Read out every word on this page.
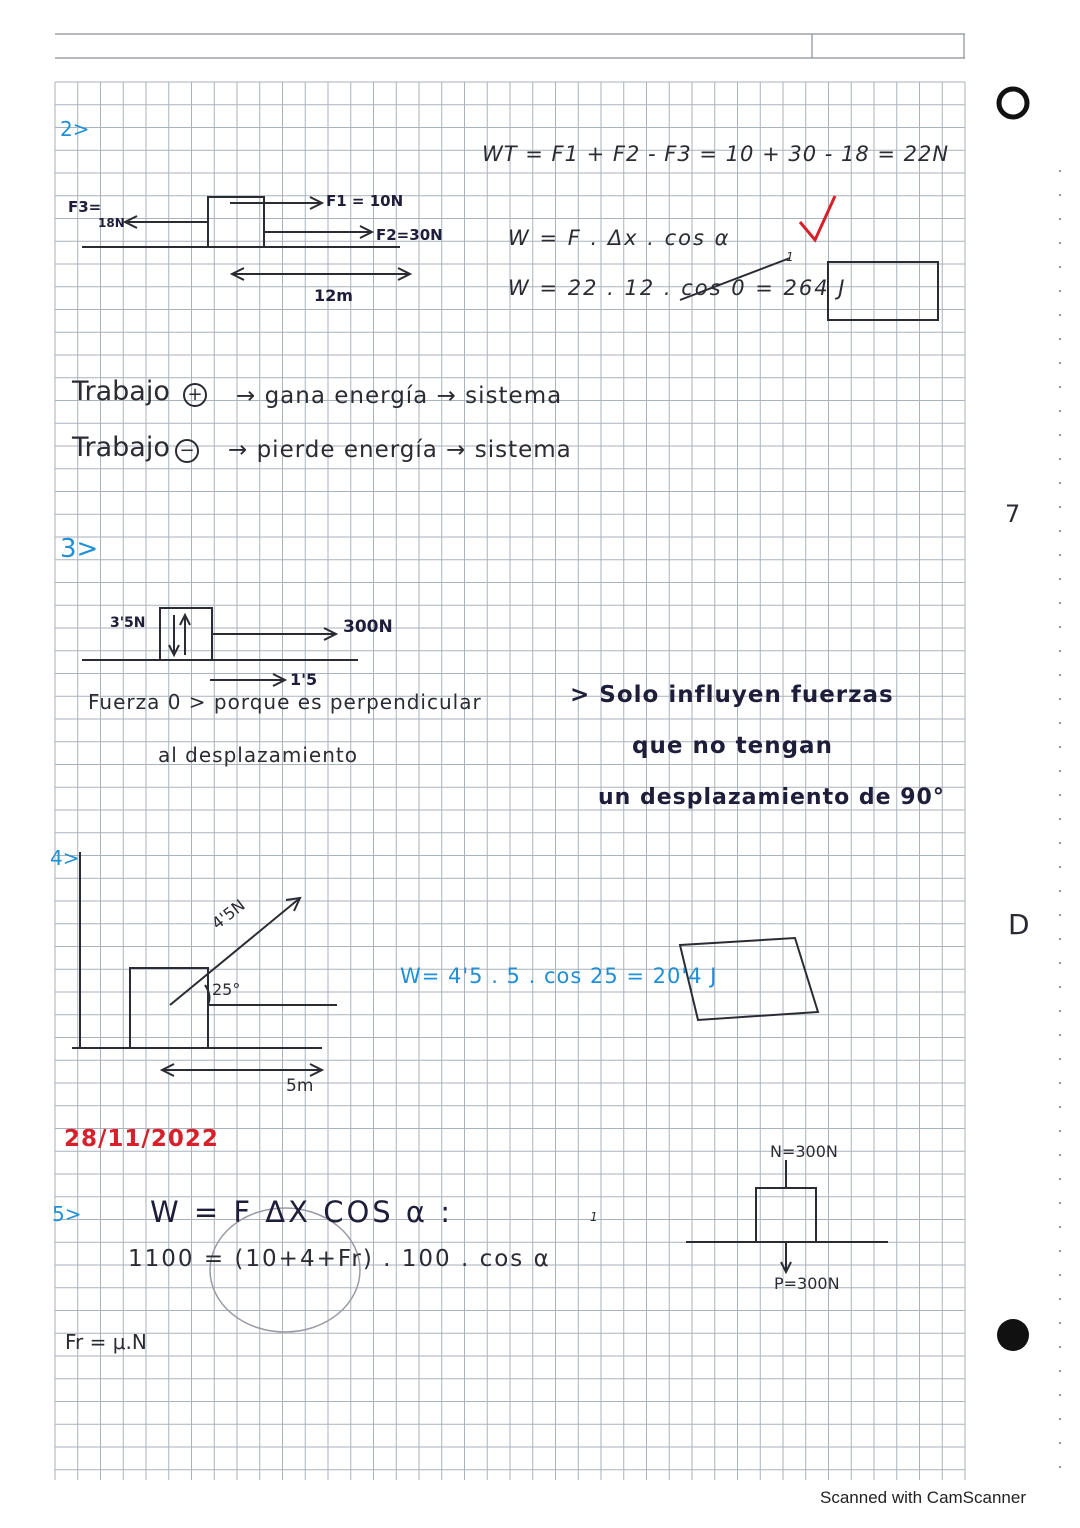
2>
F3=
18N
F1 = 10N
F2=30N
12m
WT = F1 + F2 - F3 = 10 + 30 - 18 = 22N
W = F . Δx . cos α
1
W = 22 . 12 . cos 0 = 264 J
Trabajo + → gana energía → sistema
Trabajo − → pierde energía → sistema
3>
3'5N	300N
1'5
Fuerza 0 > porque es perpendicular
al desplazamiento
> Solo influyen fuerzas
que no tengan
un desplazamiento de 90°
4>
4'5N
25°
5m
W= 4'5 . 5 . cos 25 = 20'4 J
28/11/2022
5> W = F ΔX COS α :	1
1100 = (10+4+Fr) . 100 . cos α
Fr = μ.N
N=300N
P=300N
7
D
Scanned with CamScanner
